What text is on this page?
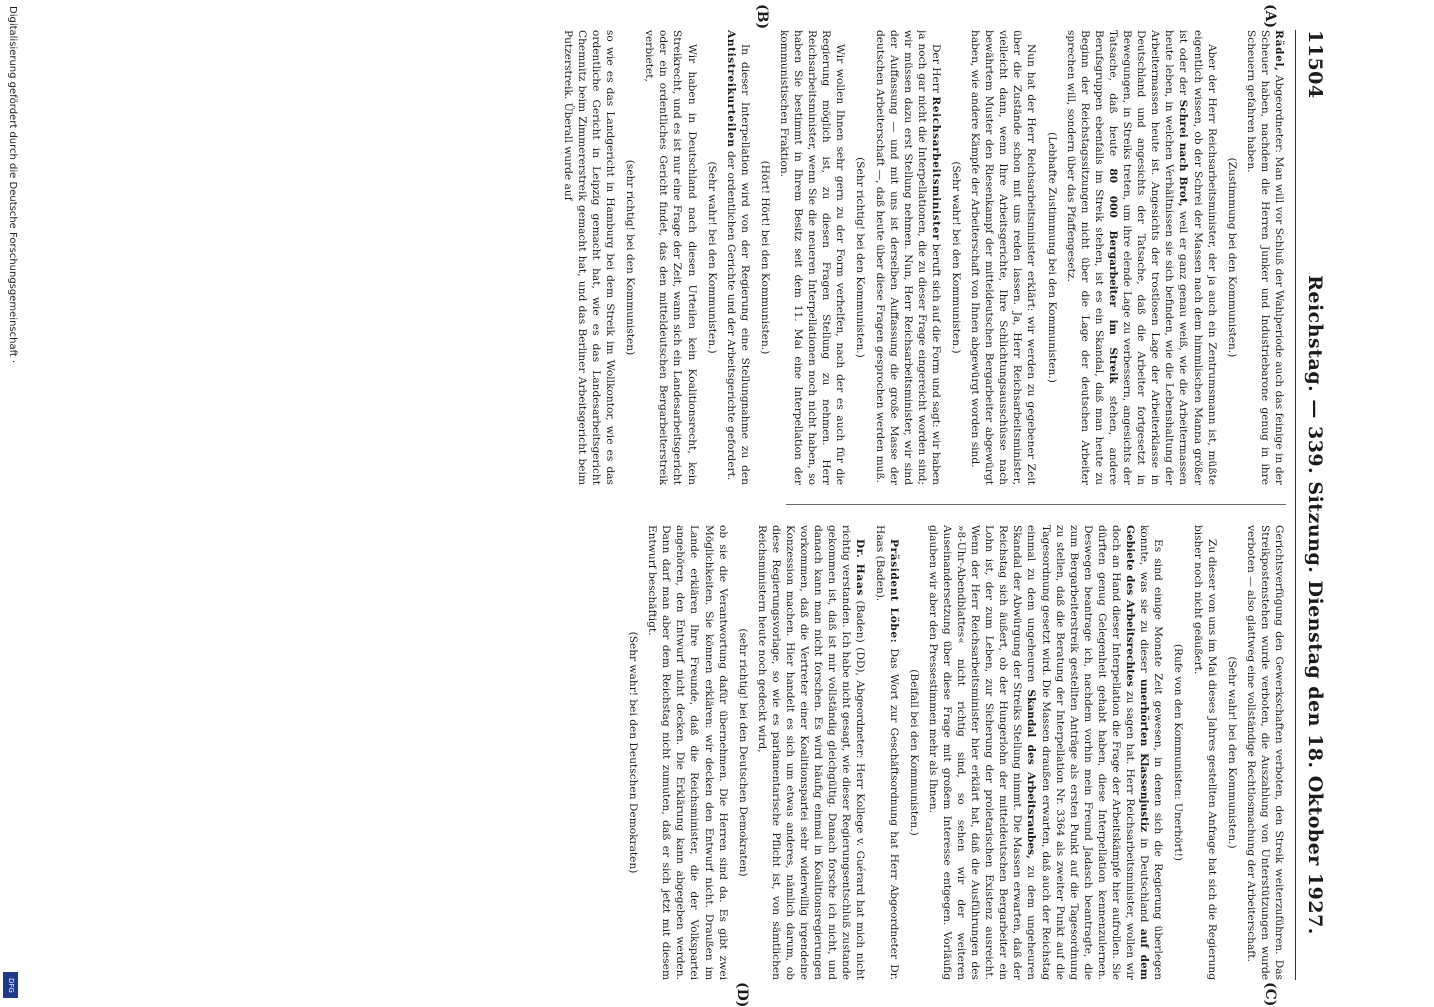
11504
Reichstag. — 339. Sitzung. Dienstag den 18. Oktober 1927.
(A)
(B)
(C)
(D)

Rädel, Abgeordneter: Man will vor Schluß der Wahlperiode auch das feinige in der Scheuer haben, nachdem die Herren Junker und Industriebarone genug in ihre Scheuern gefahren haben.

(Zustimmung bei den Kommunisten.)

Aber der Herr Reichsarbeitsminister, der ja auch ein Zentrumsmann ist, müßte eigentlich wissen, ob der Schrei der Massen nach dem himmlischen Manna größer ist oder der Schrei nach Brot, weil er ganz genau weiß, wie die Arbeitermassen heute leben, in welchen Verhältnissen sie sich befinden, wie die Lebenshaltung der Arbeitermassen heute ist. Angesichts der trostlosen Lage der Arbeiterklasse in Deutschland und angesichts der Tatsache, daß die Arbeiter fortgesetzt in Bewegungen, in Streiks treten, um ihre elende Lage zu verbessern, angesichts der Tatsache, daß heute 80 000 Bergarbeiter im Streik stehen, andere Berufsgruppen ebenfalls im Streik stehen, ist es ein Skandal, daß man heute zu Beginn der Reichstagssitzungen nicht über die Lage der deutschen Arbeiter sprechen will, sondern über das Pfaffengesetz.

(Lebhafte Zustimmung bei den Kommunisten.)

Nun hat der Herr Reichsarbeitsminister erklärt: wir werden zu gegebener Zeit über die Zustände schon mit uns reden lassen. Ja, Herr Reichsarbeitsminister, vielleicht dann, wenn Ihre Arbeitsgerichte, Ihre Schlichtungsausschüsse nach bewährtem Muster den Riesenkampf der mitteldeutschen Bergarbeiter abgewürgt haben, wie andere Kämpfe der Arbeiterschaft von Ihnen abgewürgt worden sind.

(Sehr wahr! bei den Kommunisten.)

Der Herr Reichsarbeitsminister beruft sich auf die Form und sagt: wir haben ja noch gar nicht die Interpellationen, die zu dieser Frage eingereicht worden sind; wir müssen dazu erst Stellung nehmen. Nun, Herr Reichsarbeitsminister, wir sind der Auffassung — und mit uns ist derselben Auffassung die große Masse der deutschen Arbeiterschaft —, daß heute über diese Fragen gesprochen werden muß.

(Sehr richtig! bei den Kommunisten.)

Wir wollen Ihnen sehr gern zu der Form verhelfen, nach der es auch für die Regierung möglich ist, zu diesen Fragen Stellung zu nehmen. Herr Reichsarbeitsminister, wenn Sie die neueren Interpellationen noch nicht haben, so haben Sie bestimmt in Ihrem Besitz seit dem 11. Mai eine Interpellation der kommunistischen Fraktion.

(Hört! Hört! bei den Kommunisten.)

In dieser Interpellation wird von der Regierung eine Stellungnahme zu den Antistreikurteilen der ordentlichen Gerichte und der Arbeitsgerichte gefordert.

(Sehr wahr! bei den Kommunisten.)

Wir haben in Deutschland nach diesen Urteilen kein Koalitionsrecht, kein Streikrecht, und es ist nur eine Frage der Zeit, wann sich ein Landesarbeitsgericht oder ein ordentliches Gericht findet, das den mitteldeutschen Bergarbeiterstreik verbietet,

(sehr richtig! bei den Kommunisten)

so wie es das Landgericht in Hamburg bei dem Streik im Wollkontor, wie es das ordentliche Gericht in Leipzig gemacht hat, wie es das Landesarbeitsgericht Chemnitz beim Zimmererstreik gemacht hat, und das Berliner Arbeitsgericht beim Putzerstreik. Überall wurde auf

Gerichtsverfügung den Gewerkschaften verboten, den Streik weiterzuführen. Das Streikpostenstehen wurde verboten, die Auszahlung von Unterstützungen wurde verboten — also glattweg eine vollständige Rechtlosmachung der Arbeiterschaft.

(Sehr wahr! bei den Kommunisten.)

Zu dieser von uns im Mai dieses Jahres gestellten Anfrage hat sich die Regierung bisher noch nicht geäußert.

(Rufe von den Kommunisten: Unerhört!)

Es sind einige Monate Zeit gewesen, in denen sich die Regierung überlegen konnte, was sie zu dieser unerhörten Klassenjustiz in Deutschland auf dem Gebiete des Arbeitsrechtes zu sagen hat. Herr Reichsarbeitsminister, wollen wir doch an Hand dieser Interpellation die Frage der Arbeitskämpfe hier aufrollen. Sie dürften genug Gelegenheit gehabt haben, diese Interpellation kennenzulernen. Deswegen beantrage ich, nachdem vorhin mein Freund Jadasch beantragte, die zum Bergarbeiterstreik gestellten Anträge als ersten Punkt auf die Tagesordnung zu stellen, daß die Beratung der Interpellation Nr. 3364 als zweiter Punkt auf die Tagesordnung gesetzt wird. Die Massen draußen erwarten, daß auch der Reichstag einmal zu dem ungeheuren Skandal des Arbeitsraubes, zu dem ungeheuren Skandal der Abwürgung der Streiks Stellung nimmt. Die Massen erwarten, daß der Reichstag sich äußert, ob der Hungerlohn der mitteldeutschen Bergarbeiter ein Lohn ist, der zum Leben, zur Sicherung der proletarischen Existenz ausreicht. Wenn der Herr Reichsarbeitsminister hier erklärt hat, daß die Ausführungen des »8-Uhr-Abendblattes« nicht richtig sind, so sehen wir der weiteren Auseinandersetzung über diese Frage mit großem Interesse entgegen. Vorläufig glauben wir aber den Pressestimmen mehr als Ihnen.

(Beifall bei den Kommunisten.)

Präsident Löbe: Das Wort zur Geschäftsordnung hat Herr Abgeordneter Dr. Haas (Baden).

Dr. Haas (Baden) (DD), Abgeordneter: Herr Kollege v. Guérard hat mich nicht richtig verstanden. Ich habe nicht gesagt, wie dieser Regierungsentschluß zustande gekommen ist, daß ist mir vollständig gleichgültig. Danach forsche ich nicht, und danach kann man nicht forschen. Es wird häufig einmal in Koalitionsregierungen vorkommen, daß die Vertreter einer Koalitionspartei sehr widerwillig irgendeine Konzession machen. Hier handelt es sich um etwas anderes, nämlich darum, ob diese Regierungsvorlage, so wie es parlamentarische Pflicht ist, von sämtlichen Reichsministern heute noch gedeckt wird,

(sehr richtig! bei den Deutschen Demokraten)

ob sie die Verantwortung dafür übernehmen. Die Herren sind da. Es gibt zwei Möglichkeiten. Sie können erklären: wir decken den Entwurf nicht. Draußen im Lande erklären Ihre Freunde, daß die Reichsminister, die der Volkspartei angehören, den Entwurf nicht decken. Die Erklärung kann abgegeben werden. Dann darf man aber dem Reichstag nicht zumuten, daß er sich jetzt mit diesem Entwurf beschäftigt.

(Sehr wahr! bei den Deutschen Demokraten)

Digitalisierung gefördert durch die Deutsche Forschungsgemeinschaft ·
DFG
